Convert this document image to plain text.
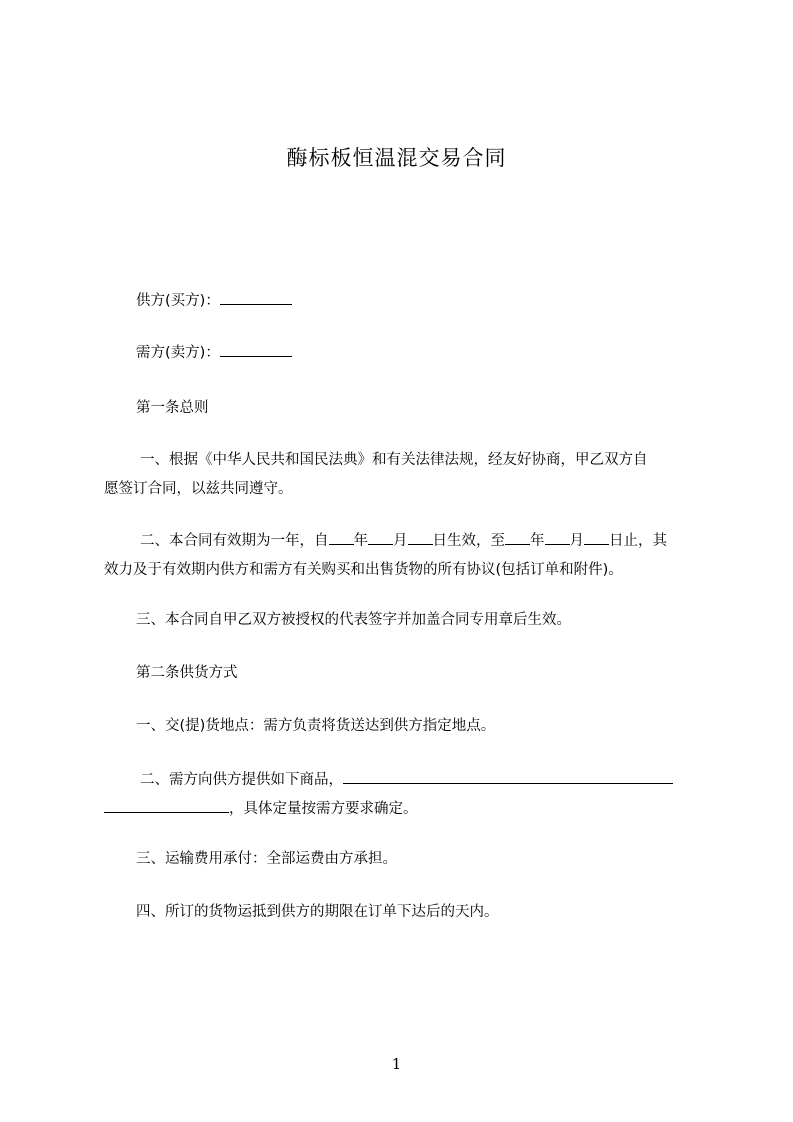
酶标板恒温混交易合同

供方(买方)：

需方(卖方)：

第一条总则

一、根据《中华人民共和国民法典》和有关法律法规，经友好协商，甲乙双方自

愿签订合同，以兹共同遵守。

二、本合同有效期为一年，自 年 月 日生效，至 年 月 日止，其

效力及于有效期内供方和需方有关购买和出售货物的所有协议(包括订单和附件)。

三、本合同自甲乙双方被授权的代表签字并加盖合同专用章后生效。

第二条供货方式

一、交(提)货地点：需方负责将货送达到供方指定地点。

二、需方向供方提供如下商品，

，具体定量按需方要求确定。

三、运输费用承付：全部运费由方承担。

四、所订的货物运抵到供方的期限在订单下达后的天内。

1
